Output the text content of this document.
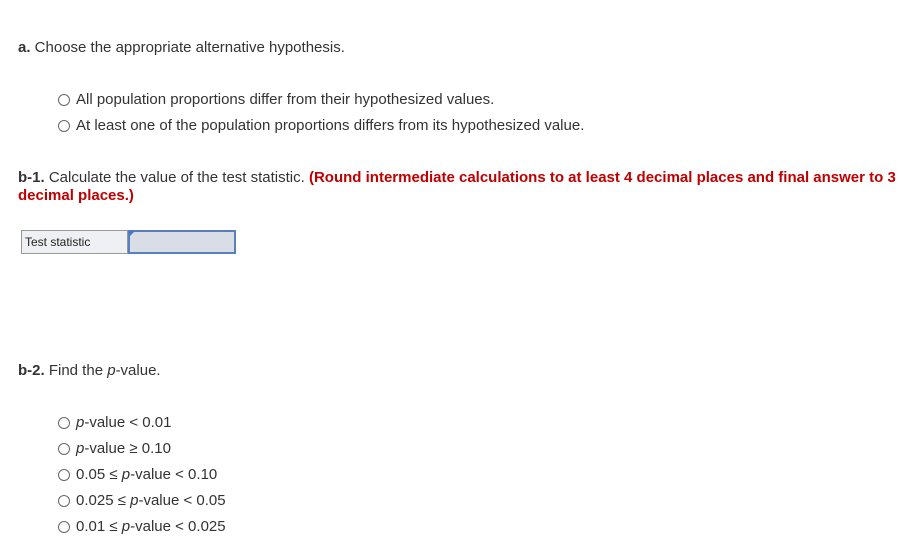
a. Choose the appropriate alternative hypothesis.
All population proportions differ from their hypothesized values.
At least one of the population proportions differs from its hypothesized value.
b-1. Calculate the value of the test statistic. (Round intermediate calculations to at least 4 decimal places and final answer to 3
decimal places.)
Test statistic
b-2. Find the p-value.
p-value < 0.01
p-value ≥ 0.10
0.05 ≤ p-value < 0.10
0.025 ≤ p-value < 0.05
0.01 ≤ p-value < 0.025
